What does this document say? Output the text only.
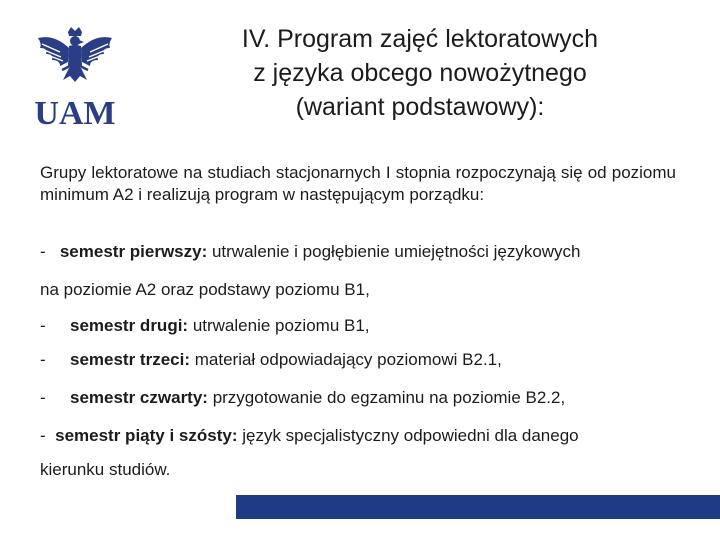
UAM
IV. Program zajęć lektoratowych
z języka obcego nowożytnego
(wariant podstawowy):
Grupy lektoratowe na studiach stacjonarnych I stopnia rozpoczynają się od poziomu minimum A2 i realizują program w następującym porządku:
- semestr pierwszy: utrwalenie i pogłębienie umiejętności językowych
na poziomie A2 oraz podstawy poziomu B1,
- semestr drugi: utrwalenie poziomu B1,
- semestr trzeci: materiał odpowiadający poziomowi B2.1,
- semestr czwarty: przygotowanie do egzaminu na poziomie B2.2,
- semestr piąty i szósty: język specjalistyczny odpowiedni dla danego
kierunku studiów.
